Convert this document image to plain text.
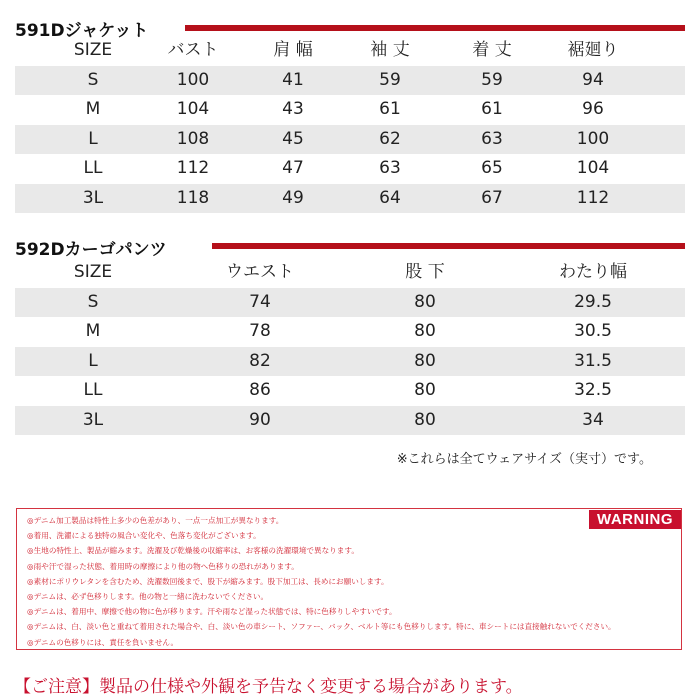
591Dジャケット
SIZE	バスト	肩 幅	袖 丈	着 丈	裾廻り
S	100	41	59	59	94
M	104	43	61	61	96
L	108	45	62	63	100
LL	112	47	63	65	104
3L	118	49	64	67	112
592Dカーゴパンツ
SIZE	ウエスト	股 下	わたり幅
S	74	80	29.5
M	78	80	30.5
L	82	80	31.5
LL	86	80	32.5
3L	90	80	34
※これらは全てウェアサイズ（実寸）です。
WARNING
◎デニム加工製品は特性上多少の色差があり、一点一点加工が異なります。
◎着用、洗濯による独特の風合い変化や、色落ち変化がございます。
◎生地の特性上、製品が縮みます。洗濯及び乾燥後の収縮率は、お客様の洗濯環境で異なります。
◎雨や汗で湿った状態、着用時の摩擦により他の物へ色移りの恐れがあります。
◎素材にポリウレタンを含むため、洗濯数回後まで、股下が縮みます。股下加工は、長めにお願いします。
◎デニムは、必ず色移りします。他の物と一緒に洗わないでください。
◎デニムは、着用中、摩擦で他の物に色が移ります。汗や雨など湿った状態では、特に色移りしやすいです。
◎デニムは、白、淡い色と重ねて着用された場合や、白、淡い色の車シート、ソファー、バック、ベルト等にも色移りします。特に、車シートには直接触れないでください。
◎デニムの色移りには、責任を負いません。
【ご注意】製品の仕様や外観を予告なく変更する場合があります。
